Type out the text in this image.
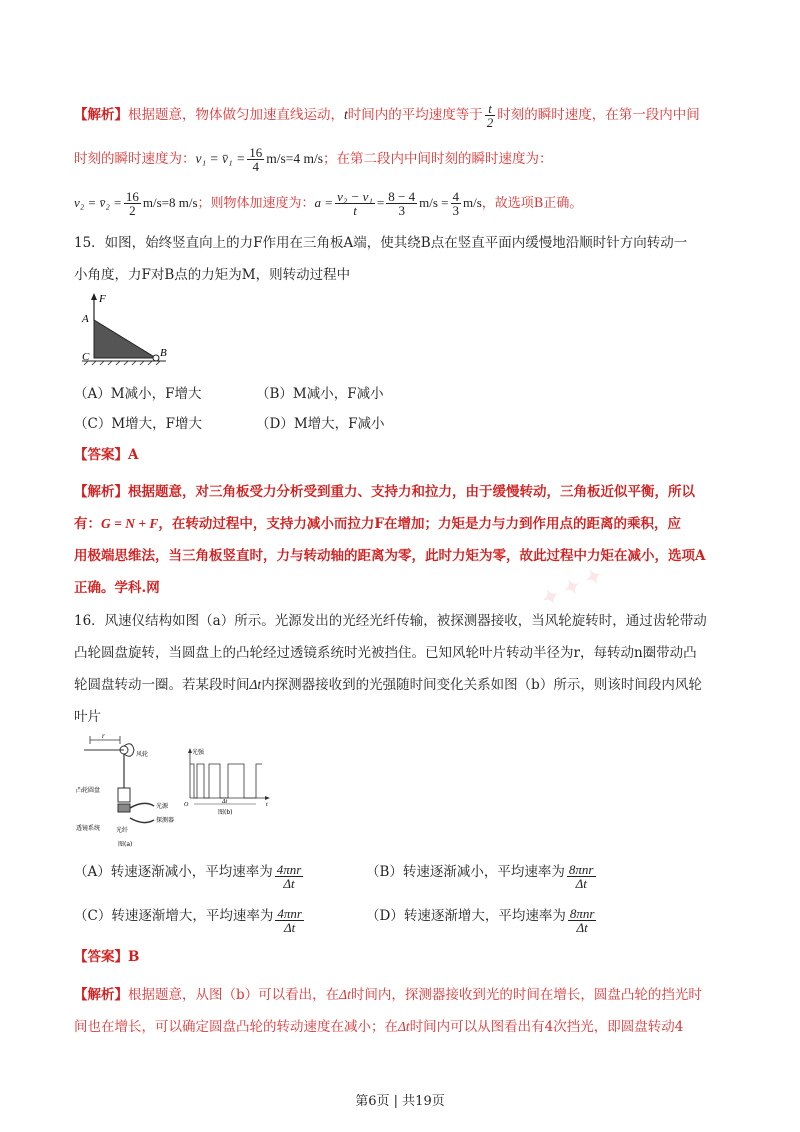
【解析】根据题意，物体做匀加速直线运动，t时间内的平均速度等于 $\frac{t}{2}$ 时刻的瞬时速度，在第一段内中间
时刻的瞬时速度为：v₁ = v̄₁ = $\frac{16}{4} m/s=4$ m/s；在第二段内中间时刻的瞬时速度为：
v₂ = v̄₂ = $\frac{16}{2} m/s=8$ m/s；则物体加速度为：$a = \frac{\text{v₂ − v₁}}{t} = \frac{8 - 4}{3} m/s = \frac{4}{3} m/s$，故选项B正确。
15．如图，始终竖直向上的力F作用在三角板A端，使其绕B点在竖直平面内缓慢地沿顺时针方向转动一
小角度，力F对B点的力矩为M，则转动过程中
F
A
B
C
（A）M减小，F增大	（B）M减小，F减小
（C）M增大，F增大	（D）M增大，F减小
【答案】A
【解析】根据题意，对三角板受力分析受到重力、支持力和拉力，由于缓慢转动，三角板近似平衡，所以
有：G = N + F，在转动过程中，支持力减小而拉力F在增加；力矩是力与力到作用点的距离的乘积，应
用极端思维法，当三角板竖直时，力与转动轴的距离为零，此时力矩为零，故此过程中力矩在减小，选项A
正确。学科.网	✦ ✦ ✦
16．风速仪结构如图（a）所示。光源发出的光经光纤传输，被探测器接收，当风轮旋转时，通过齿轮带动
凸轮圆盘旋转，当圆盘上的凸轮经过透镜系统时光被挡住。已知风轮叶片转动半径为r，每转动n圈带动凸
轮圆盘转动一圈。若某段时间Δt内探测器接收到的光强随时间变化关系如图（b）所示，则该时间段内风轮
叶片
r
风轮
凸轮圆盘
透镜系统
光源
探测器
光纤
图(a)
光强
O	t
Δt
图(b)
（A）转速逐渐减小，平均速率为 $\frac{\text{4πnr}}{\Delta t}$	（B）转速逐渐减小，平均速率为 $\frac{\text{8πnr}}{\Delta t}$
（C）转速逐渐增大，平均速率为 $\frac{\text{4πnr}}{\Delta t}$	（D）转速逐渐增大，平均速率为 $\frac{\text{8πnr}}{\Delta t}$
【答案】B
【解析】根据题意，从图（b）可以看出，在Δt时间内，探测器接收到光的时间在增长，圆盘凸轮的挡光时
间也在增长，可以确定圆盘凸轮的转动速度在减小；在Δt时间内可以从图看出有4次挡光，即圆盘转动4
第6页 | 共19页
